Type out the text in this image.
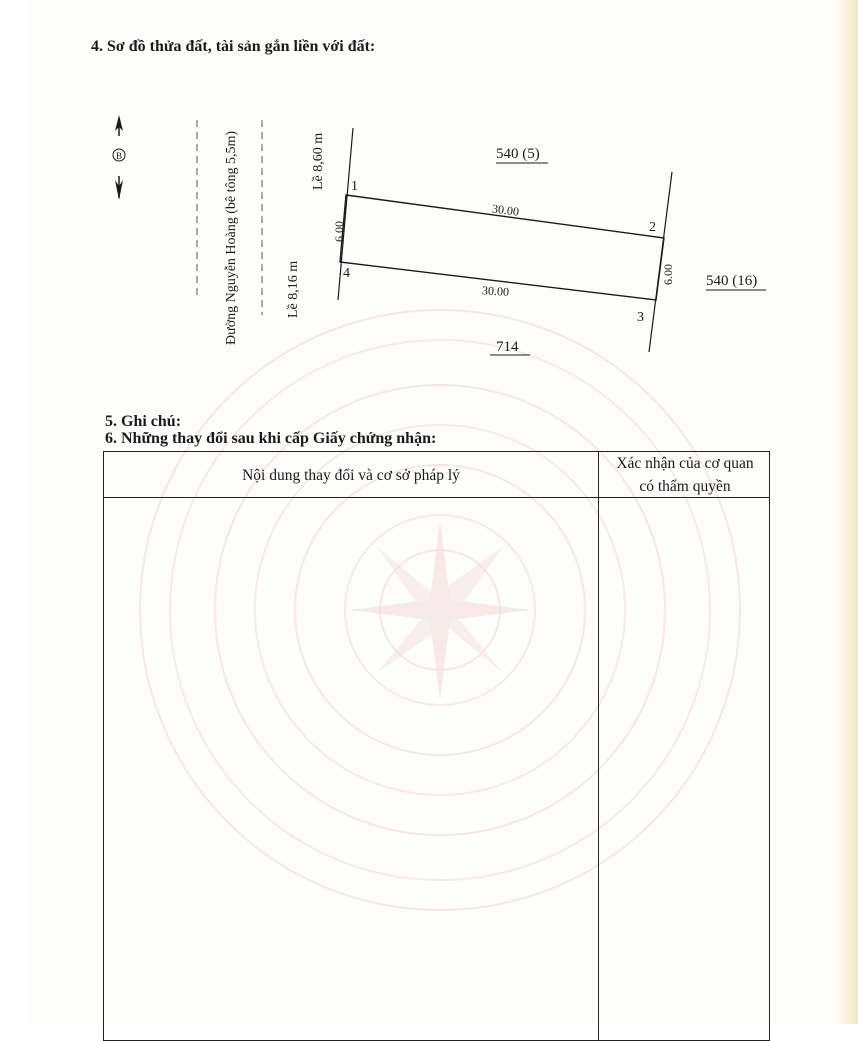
4. Sơ đồ thửa đất, tài sản gắn liền với đất:
B	Đường Nguyễn Hoàng (bê tông 5,5m)	Lề 8,60 m
Lề 8,16 m
1
2
3
4
30.00
30.00
6.00
6.00
540 (5)
540 (16)
714
5. Ghi chú:
6. Những thay đổi sau khi cấp Giấy chứng nhận:
Nội dung thay đổi và cơ sở pháp lý
Xác nhận của cơ quan
có thẩm quyền
